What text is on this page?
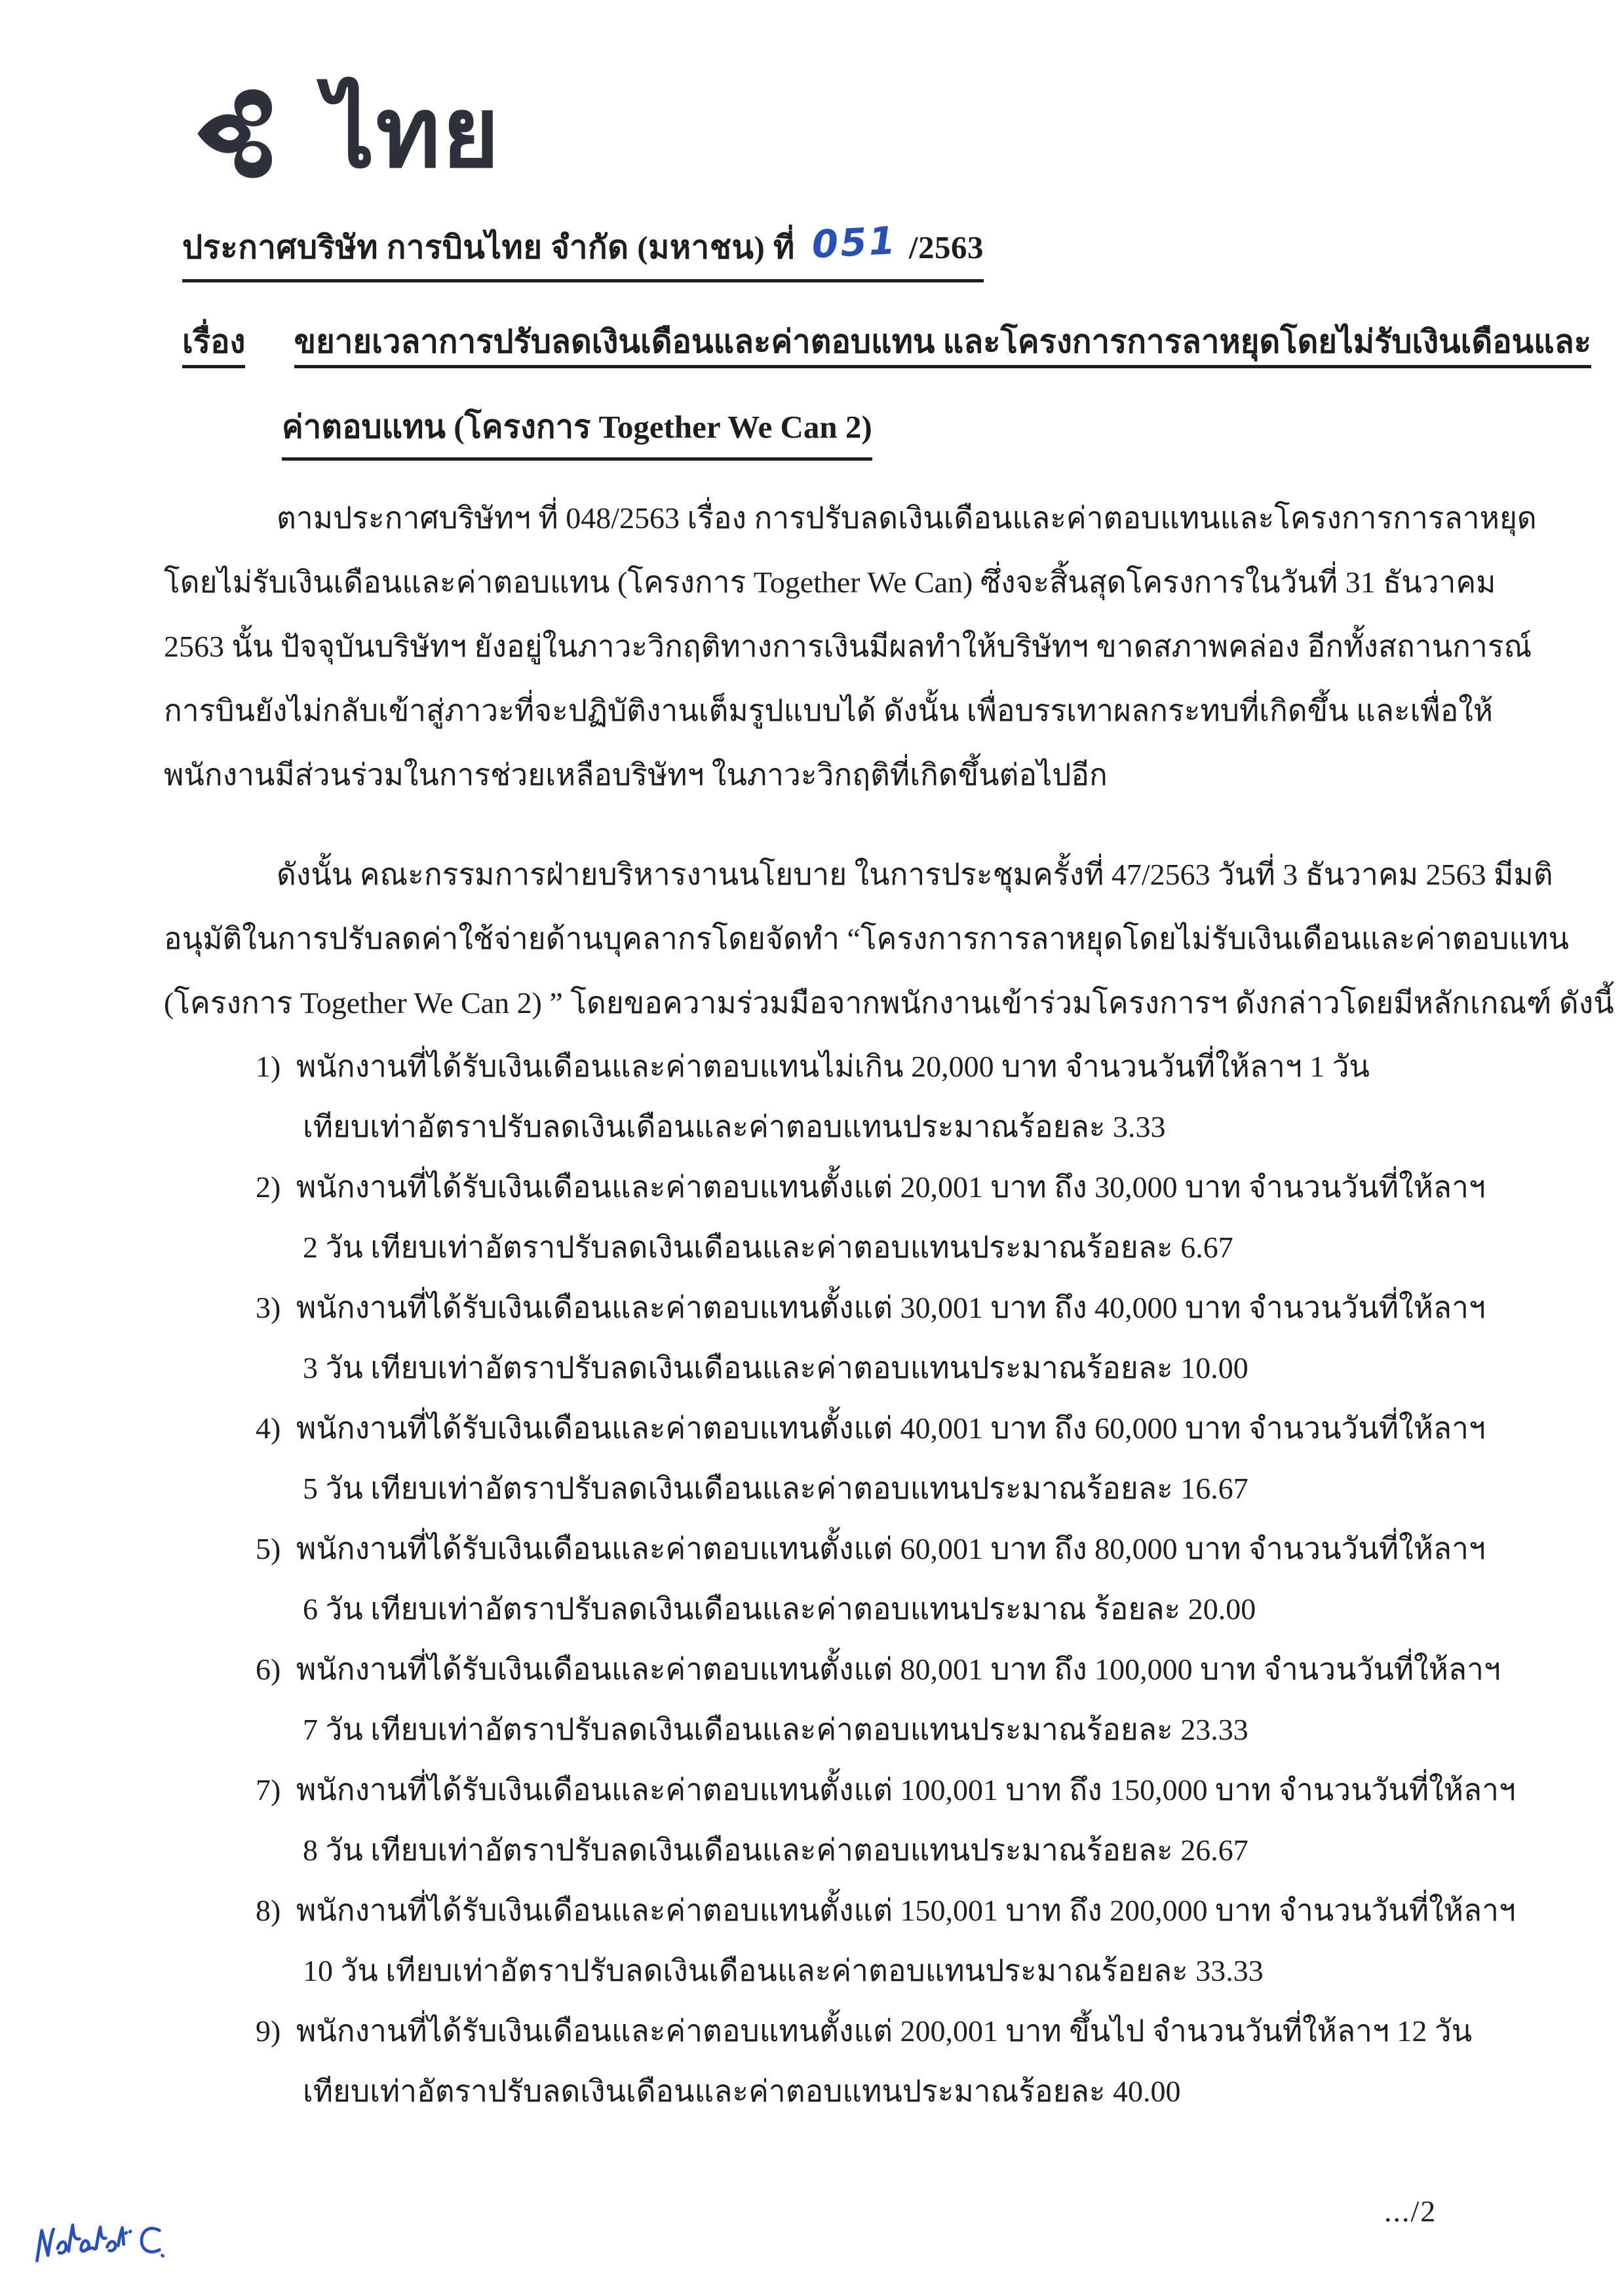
ไทย
ประกาศบริษัท การบินไทย จำกัด (มหาชน) ที่ 051 /2563
เรื่อง ขยายเวลาการปรับลดเงินเดือนและค่าตอบแทน และโครงการการลาหยุดโดยไม่รับเงินเดือนและ
ค่าตอบแทน (โครงการ Together We Can 2)
ตามประกาศบริษัทฯ ที่ 048/2563 เรื่อง การปรับลดเงินเดือนและค่าตอบแทนและโครงการการลาหยุด
โดยไม่รับเงินเดือนและค่าตอบแทน (โครงการ Together We Can) ซึ่งจะสิ้นสุดโครงการในวันที่ 31 ธันวาคม
2563 นั้น ปัจจุบันบริษัทฯ ยังอยู่ในภาวะวิกฤติทางการเงินมีผลทำให้บริษัทฯ ขาดสภาพคล่อง อีกทั้งสถานการณ์
การบินยังไม่กลับเข้าสู่ภาวะที่จะปฏิบัติงานเต็มรูปแบบได้ ดังนั้น เพื่อบรรเทาผลกระทบที่เกิดขึ้น และเพื่อให้
พนักงานมีส่วนร่วมในการช่วยเหลือบริษัทฯ ในภาวะวิกฤติที่เกิดขึ้นต่อไปอีก
ดังนั้น คณะกรรมการฝ่ายบริหารงานนโยบาย ในการประชุมครั้งที่ 47/2563 วันที่ 3 ธันวาคม 2563 มีมติ
อนุมัติในการปรับลดค่าใช้จ่ายด้านบุคลากรโดยจัดทำ “โครงการการลาหยุดโดยไม่รับเงินเดือนและค่าตอบแทน
(โครงการ Together We Can 2) ” โดยขอความร่วมมือจากพนักงานเข้าร่วมโครงการฯ ดังกล่าวโดยมีหลักเกณฑ์ ดังนี้
1) พนักงานที่ได้รับเงินเดือนและค่าตอบแทนไม่เกิน 20,000 บาท จำนวนวันที่ให้ลาฯ 1 วัน
เทียบเท่าอัตราปรับลดเงินเดือนและค่าตอบแทนประมาณร้อยละ 3.33
2) พนักงานที่ได้รับเงินเดือนและค่าตอบแทนตั้งแต่ 20,001 บาท ถึง 30,000 บาท จำนวนวันที่ให้ลาฯ
2 วัน เทียบเท่าอัตราปรับลดเงินเดือนและค่าตอบแทนประมาณร้อยละ 6.67
3) พนักงานที่ได้รับเงินเดือนและค่าตอบแทนตั้งแต่ 30,001 บาท ถึง 40,000 บาท จำนวนวันที่ให้ลาฯ
3 วัน เทียบเท่าอัตราปรับลดเงินเดือนและค่าตอบแทนประมาณร้อยละ 10.00
4) พนักงานที่ได้รับเงินเดือนและค่าตอบแทนตั้งแต่ 40,001 บาท ถึง 60,000 บาท จำนวนวันที่ให้ลาฯ
5 วัน เทียบเท่าอัตราปรับลดเงินเดือนและค่าตอบแทนประมาณร้อยละ 16.67
5) พนักงานที่ได้รับเงินเดือนและค่าตอบแทนตั้งแต่ 60,001 บาท ถึง 80,000 บาท จำนวนวันที่ให้ลาฯ
6 วัน เทียบเท่าอัตราปรับลดเงินเดือนและค่าตอบแทนประมาณ ร้อยละ 20.00
6) พนักงานที่ได้รับเงินเดือนและค่าตอบแทนตั้งแต่ 80,001 บาท ถึง 100,000 บาท จำนวนวันที่ให้ลาฯ
7 วัน เทียบเท่าอัตราปรับลดเงินเดือนและค่าตอบแทนประมาณร้อยละ 23.33
7) พนักงานที่ได้รับเงินเดือนและค่าตอบแทนตั้งแต่ 100,001 บาท ถึง 150,000 บาท จำนวนวันที่ให้ลาฯ
8 วัน เทียบเท่าอัตราปรับลดเงินเดือนและค่าตอบแทนประมาณร้อยละ 26.67
8) พนักงานที่ได้รับเงินเดือนและค่าตอบแทนตั้งแต่ 150,001 บาท ถึง 200,000 บาท จำนวนวันที่ให้ลาฯ
10 วัน เทียบเท่าอัตราปรับลดเงินเดือนและค่าตอบแทนประมาณร้อยละ 33.33
9) พนักงานที่ได้รับเงินเดือนและค่าตอบแทนตั้งแต่ 200,001 บาท ขึ้นไป จำนวนวันที่ให้ลาฯ 12 วัน
เทียบเท่าอัตราปรับลดเงินเดือนและค่าตอบแทนประมาณร้อยละ 40.00
.../2
